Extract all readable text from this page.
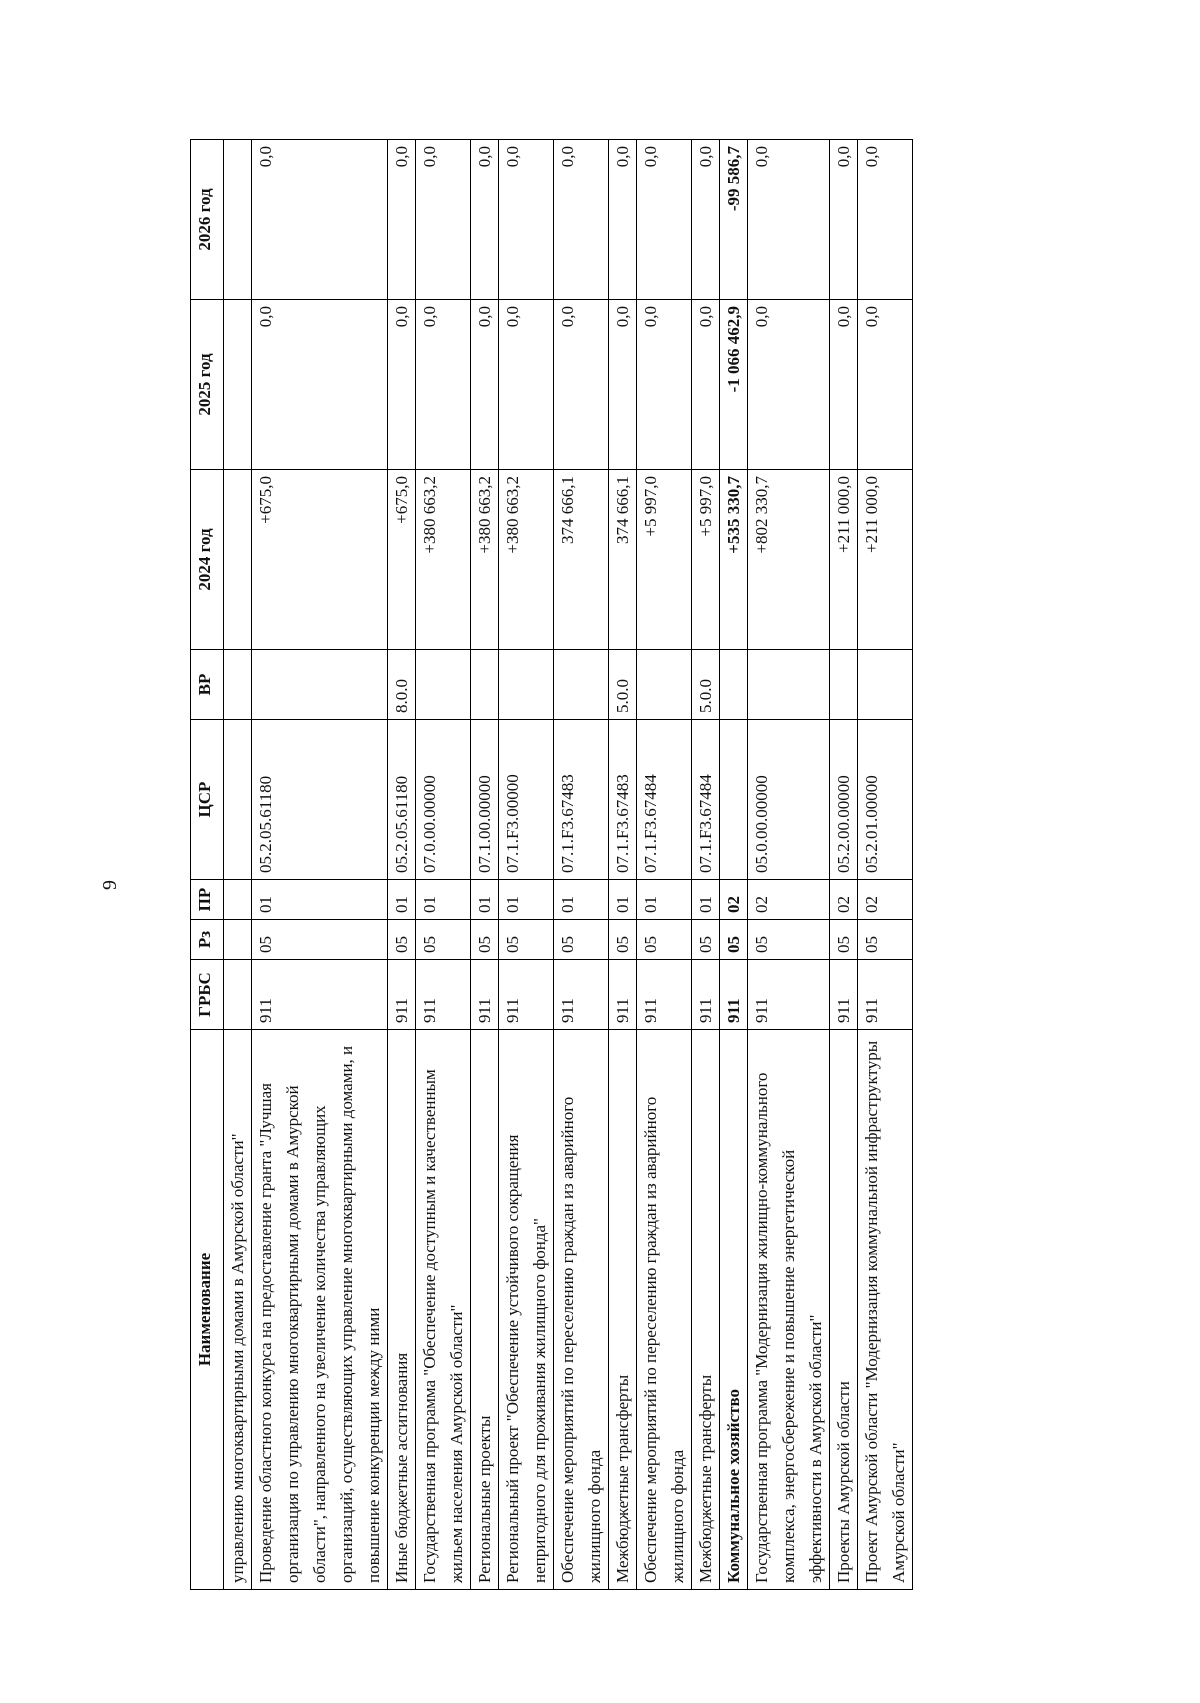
9
Наименование	ГРБС	Рз	ПР	ЦСР	ВР	2024 год	2025 год	2026 год
управлению многоквартирными домами в Амурской области"								
Проведение областного конкурса на предоставление гранта "Лучшая организация по управлению многоквартирными домами в Амурской области", направленного на увеличение количества управляющих организаций, осуществляющих управление многоквартирными домами, и повышение конкуренции между ними	911	05	01	05.2.05.61180		+675,0	0,0	0,0
Иные бюджетные ассигнования	911	05	01	05.2.05.61180	8.0.0	+675,0	0,0	0,0
Государственная программа "Обеспечение доступным и качественным жильем населения Амурской области"	911	05	01	07.0.00.00000		+380 663,2	0,0	0,0
Региональные проекты	911	05	01	07.1.00.00000		+380 663,2	0,0	0,0
Региональный проект "Обеспечение устойчивого сокращения непригодного для проживания жилищного фонда"	911	05	01	07.1.F3.00000		+380 663,2	0,0	0,0
Обеспечение мероприятий по переселению граждан из аварийного жилищного фонда	911	05	01	07.1.F3.67483		374 666,1	0,0	0,0
Межбюджетные трансферты	911	05	01	07.1.F3.67483	5.0.0	374 666,1	0,0	0,0
Обеспечение мероприятий по переселению граждан из аварийного жилищного фонда	911	05	01	07.1.F3.67484		+5 997,0	0,0	0,0
Межбюджетные трансферты	911	05	01	07.1.F3.67484	5.0.0	+5 997,0	0,0	0,0
Коммунальное хозяйство	911	05	02			+535 330,7	-1 066 462,9	-99 586,7
Государственная программа "Модернизация жилищно-коммунального комплекса, энергосбережение и повышение энергетической эффективности в Амурской области"	911	05	02	05.0.00.00000		+802 330,7	0,0	0,0
Проекты Амурской области	911	05	02	05.2.00.00000		+211 000,0	0,0	0,0
Проект Амурской области "Модернизация коммунальной инфраструктуры Амурской области"	911	05	02	05.2.01.00000		+211 000,0	0,0	0,0
